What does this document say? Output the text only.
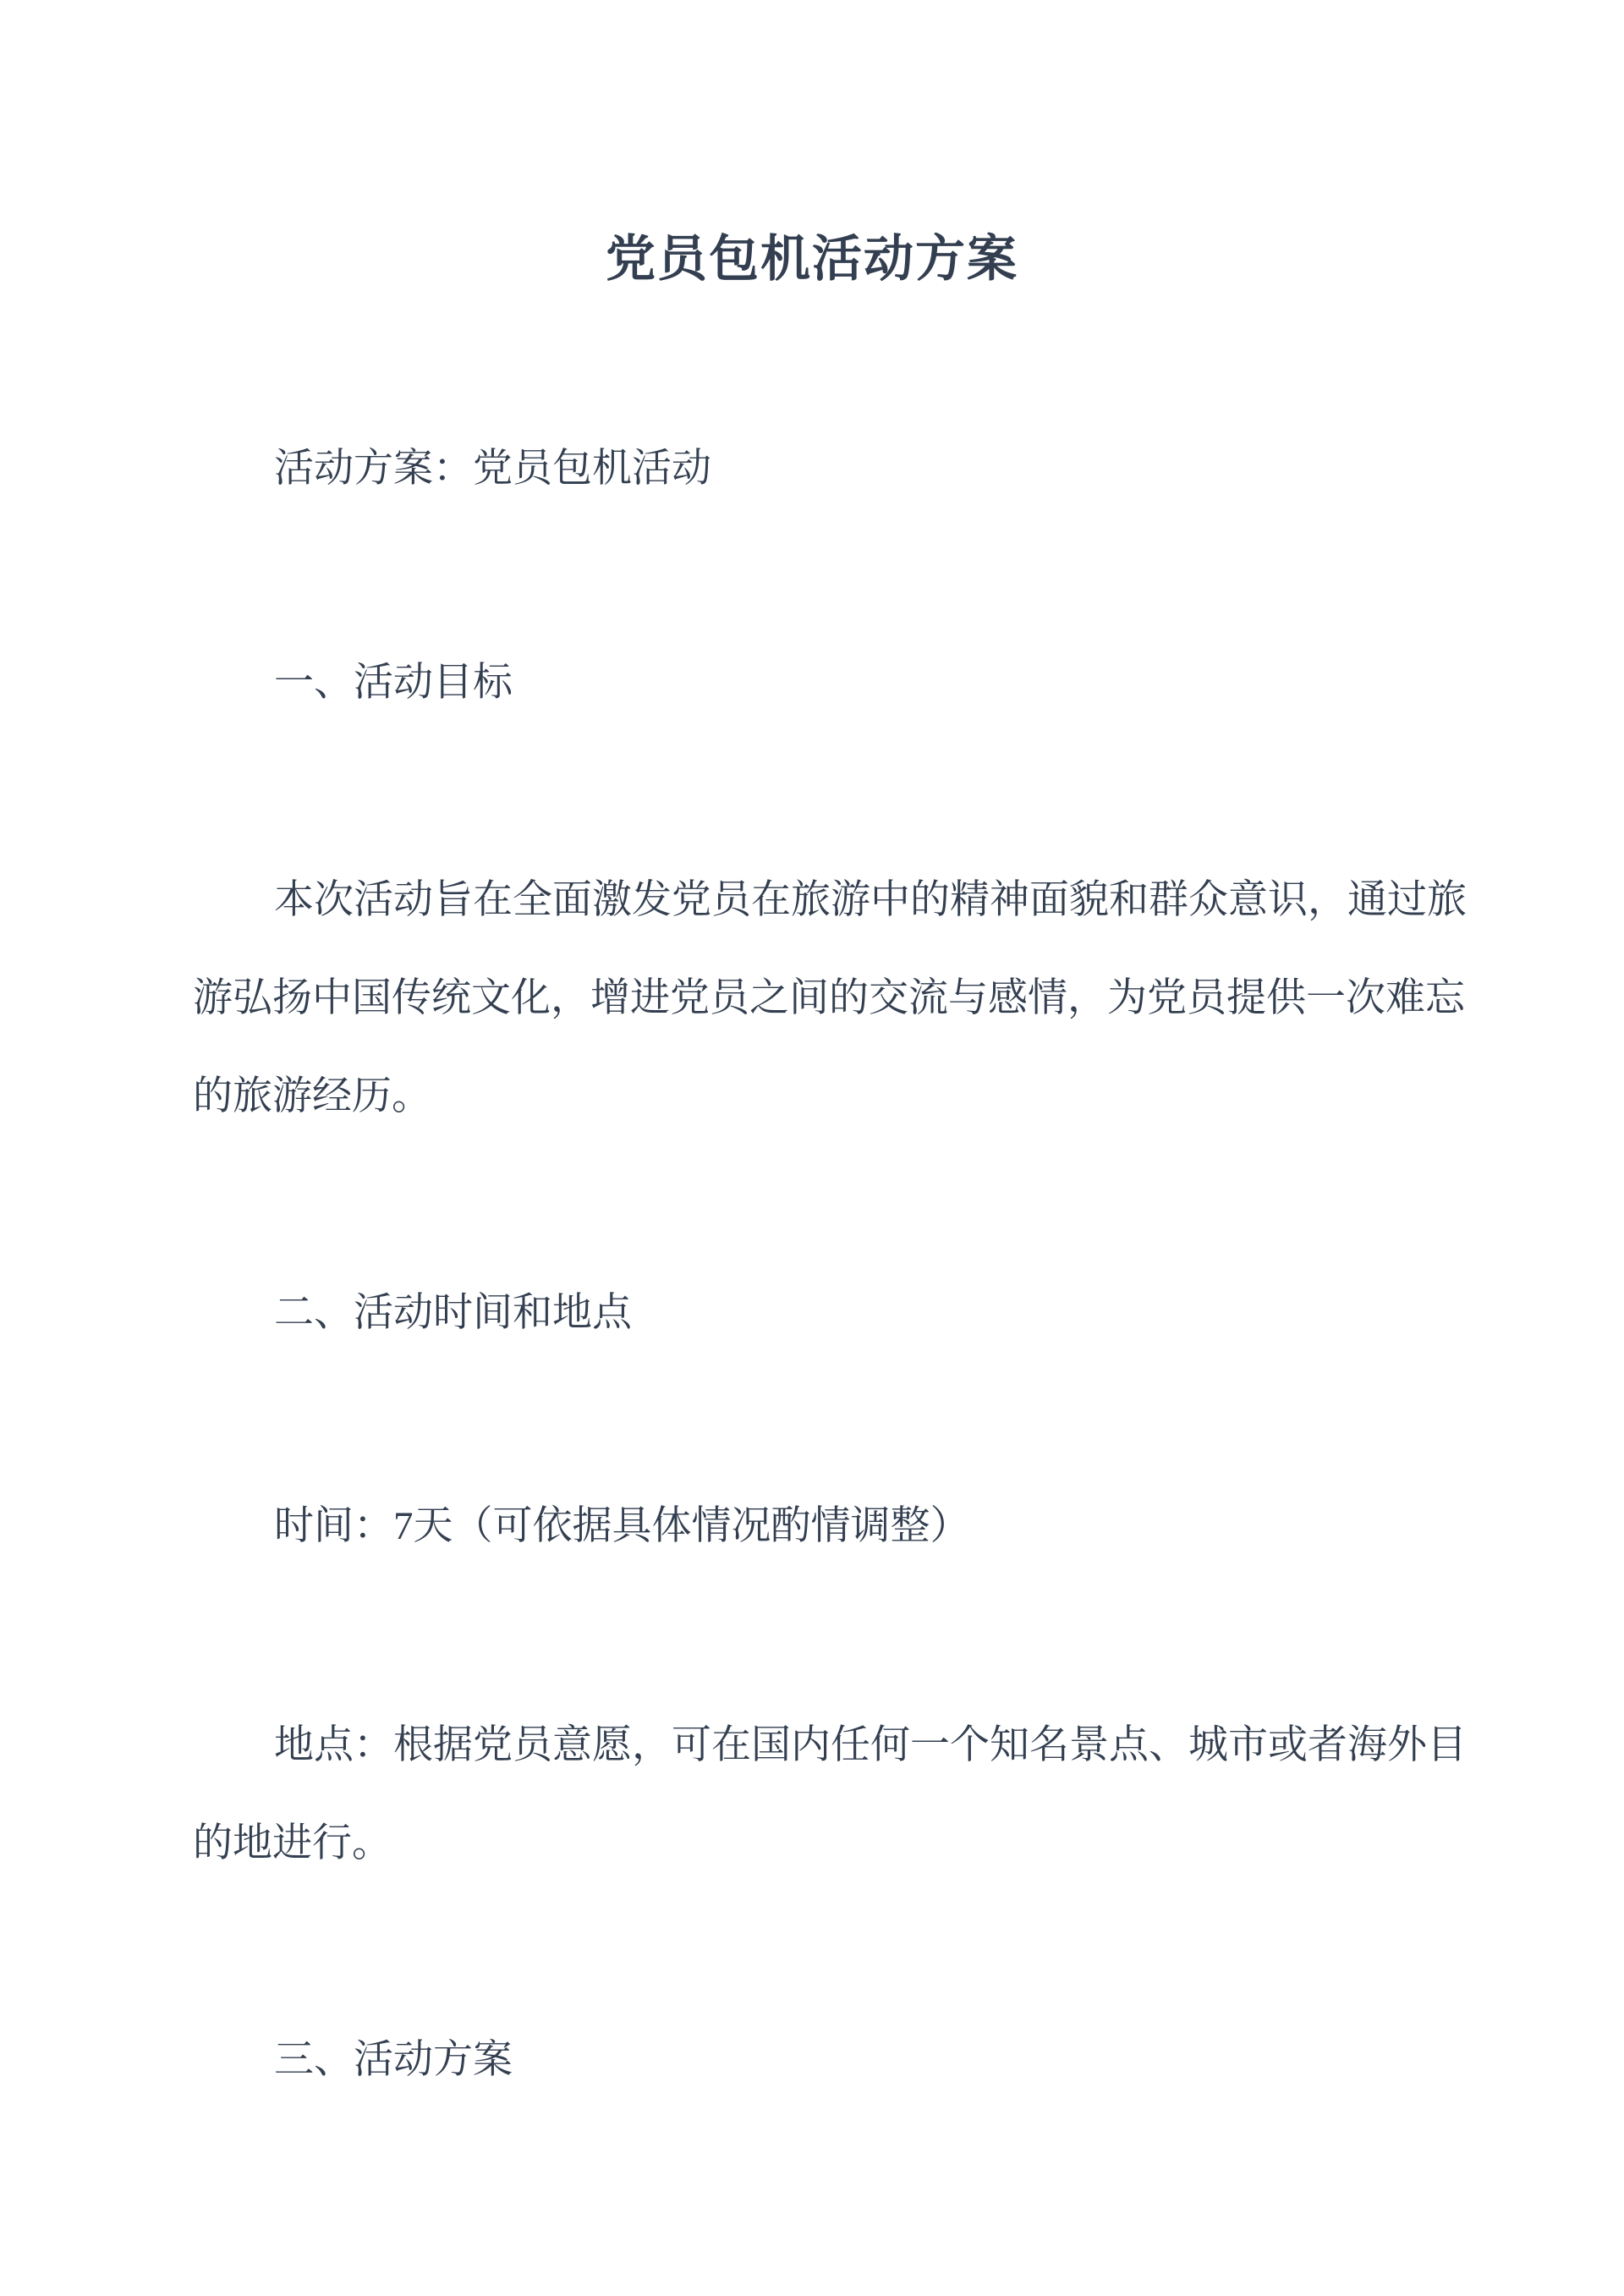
党员包机活动方案
活动方案：党员包机活动
一、活动目标
本次活动旨在全面激发党员在旅游中的精神面貌和群众意识，通过旅
游弘扬中国传统文化，增进党员之间的交流与感情，为党员提供一次难忘
的旅游经历。
二、活动时间和地点
时间：7天（可依据具体情况酌情调整）
地点：根据党员意愿，可在国内任何一个知名景点、城市或者海外目
的地进行。
三、活动方案
